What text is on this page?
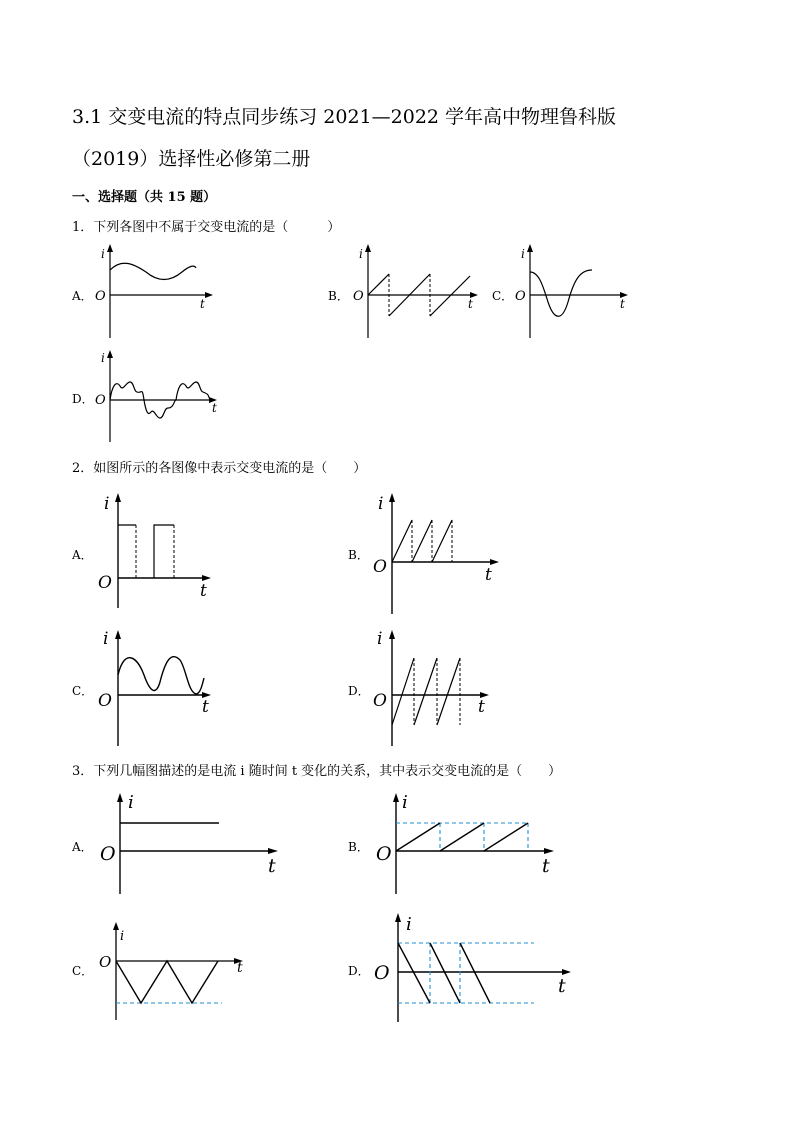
3.1 交变电流的特点同步练习 2021—2022 学年高中物理鲁科版
（2019）选择性必修第二册
一、选择题（共 15 题）
1．下列各图中不属于交变电流的是（　　　）
A．
i
t
O	B．
i
t
O	C．
i
t
O
D．
i
t
O
2．如图所示的各图像中表示交变电流的是（　　）
A．
i
t
O
B．
i
t
O
C．
i
t
O	D．
i
t
O
3．下列几幅图描述的是电流 i 随时间 t 变化的关系，其中表示交变电流的是（　　）
A．
i
t
O	B．
i
t
O
C．
i
t
O	D．
i
t
O
